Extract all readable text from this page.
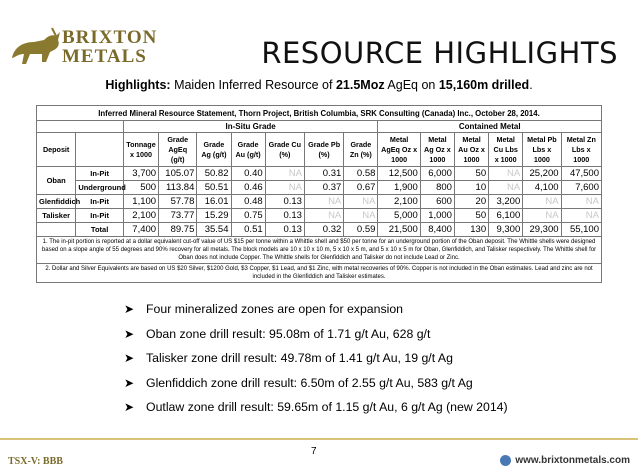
BRIXTON
METALS	RESOURCE HIGHLIGHTS
Highlights: Maiden Inferred Resource of 21.5Moz AgEq on 15,160m drilled.
Inferred Mineral Resource Statement, Thorn Project, British Columbia, SRK Consulting (Canada) Inc., October 28, 2014.														
		In-Situ Grade							Contained Metal					
Deposit		Tonnage x 1000	Grade AgEq (g/t)	Grade Ag (g/t)	Grade Au (g/t)	Grade Cu (%)	Grade Pb (%)	Grade Zn (%)	Metal AgEq Oz x 1000	Metal Ag Oz x 1000	Metal Au Oz x 1000	Metal Cu Lbs x 1000	Metal Pb Lbs x 1000	Metal Zn Lbs x 1000
Oban	In-Pit	3,700	105.07	50.82	0.40	NA	0.31	0.58	12,500	6,000	50	NA	25,200	47,500
	Underground	500	113.84	50.51	0.46	NA	0.37	0.67	1,900	800	10	NA	4,100	7,600
Glenfiddich	In-Pit	1,100	57.78	16.01	0.48	0.13	NA	NA	2,100	600	20	3,200	NA	NA
Talisker	In-Pit	2,100	73.77	15.29	0.75	0.13	NA	NA	5,000	1,000	50	6,100	NA	NA
	Total	7,400	89.75	35.54	0.51	0.13	0.32	0.59	21,500	8,400	130	9,300	29,300	55,100
1. The in-pit portion is reported at a dollar equivalent cut-off value of US $15 per tonne within a Whittle shell and $50 per tonne for an underground portion of the Oban deposit. The Whittle shells were designed based on a slope angle of 55 degrees and 90% recovery for all metals. The block models are 10 x 10 x 10 m, 5 x 10 x 5 m, and 5 x 10 x 5 m for Oban, Glenfiddich, and Talisker respectively. The Whittle shell for Oban does not include Copper. The Whittle shells for Glenfiddich and Talisker do not include Lead or Zinc.														
2. Dollar and Silver Equivalents are based on US $20 Silver, $1200 Gold, $3 Copper, $1 Lead, and $1 Zinc, with metal recoveries of 90%. Copper is not included in the Oban estimates. Lead and zinc are not included in the Glenfiddich and Talisker estimates.														
➤ Four mineralized zones are open for expansion
➤ Oban zone drill result: 95.08m of 1.71 g/t Au, 628 g/t
➤ Talisker zone drill result: 49.78m of 1.41 g/t Au, 19 g/t Ag
➤ Glenfiddich zone drill result: 6.50m of 2.55 g/t Au, 583 g/t Ag
➤ Outlaw zone drill result: 59.65m of 1.15 g/t Au, 6 g/t Ag (new 2014)
7
TSX-V: BBB	www.brixtonmetals.com
